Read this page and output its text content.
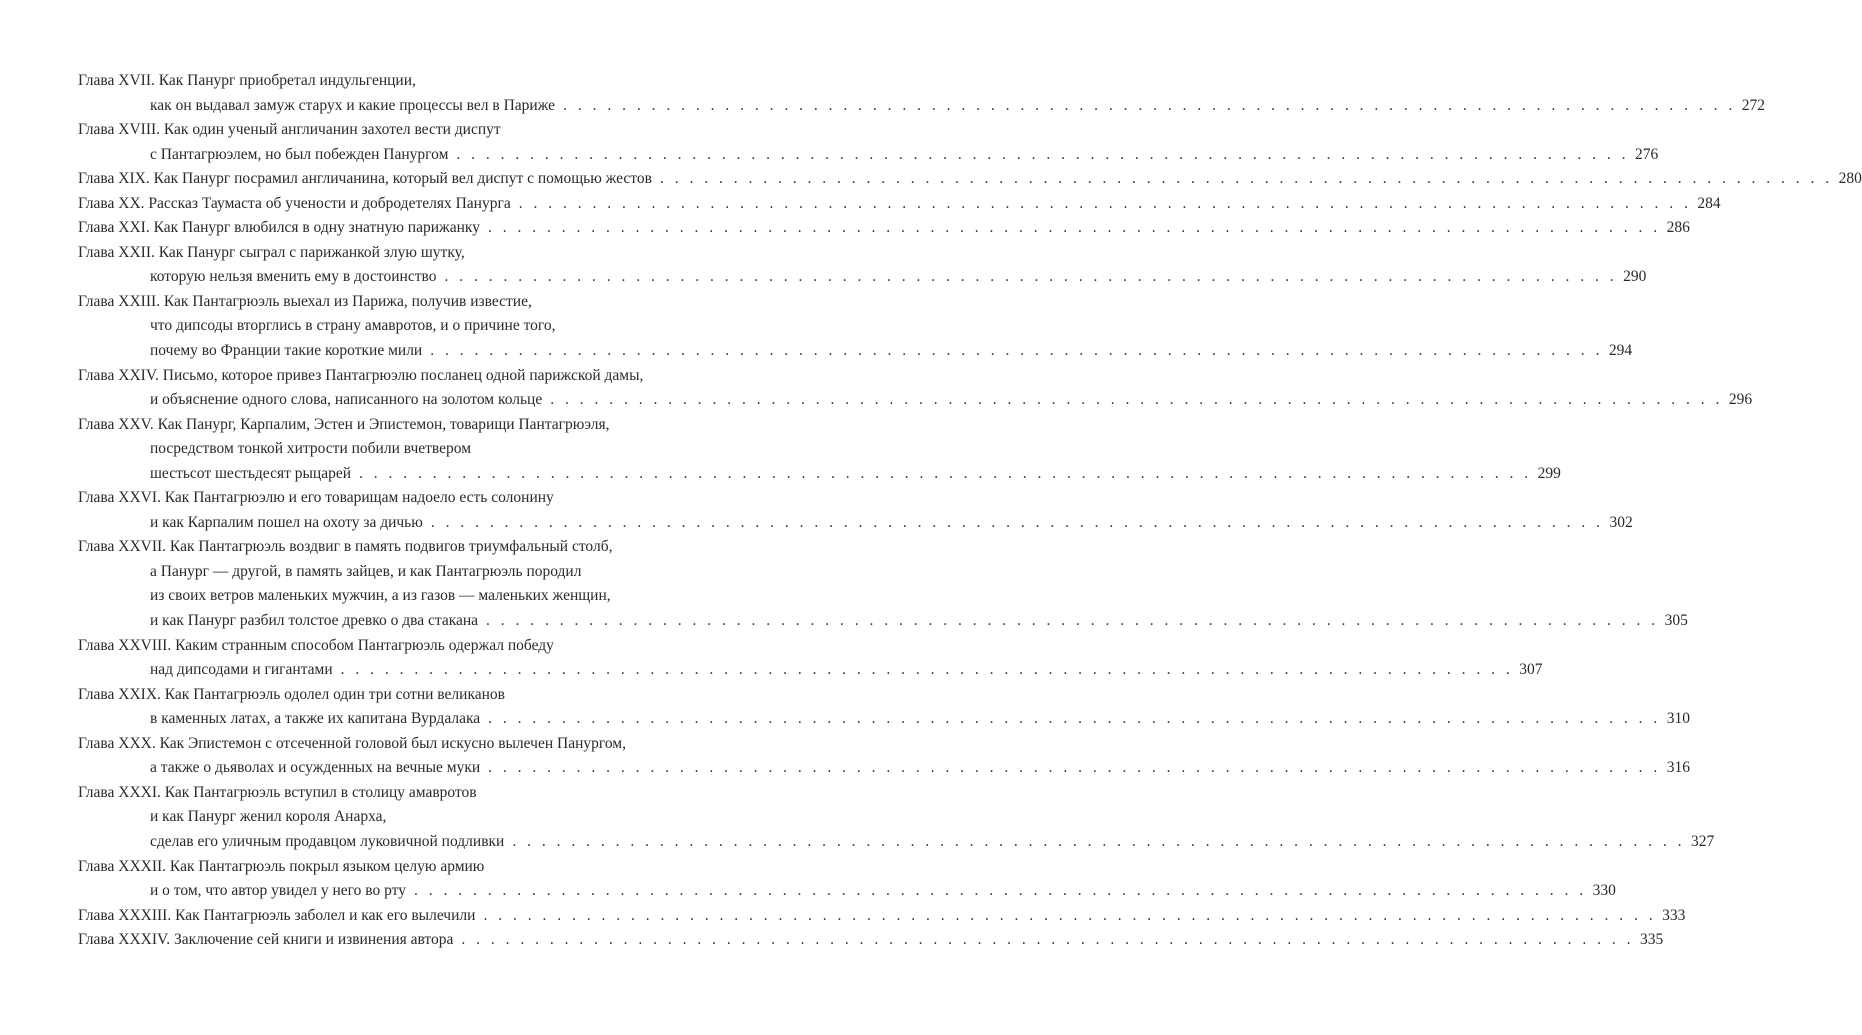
Глава XVII. Как Панург приобретал индульгенции,
как он выдавал замуж старух и какие процессы вел в Париже . . . . . . . . . . . . . . . . . . . . . . . . . . . . . . . . . . . . . . . . . . . . . . . . . . . . . . . . . . . . . . . . . . . . . . . . . . . . . . . . 272
Глава XVIII. Как один ученый англичанин захотел вести диспут
с Пантагрюэлем, но был побежден Панургом . . . . . . . . . . . . . . . . . . . . . . . . . . . . . . . . . . . . . . . . . . . . . . . . . . . . . . . . . . . . . . . . . . . . . . . . . . . . . . . . 276
Глава XIX. Как Панург посрамил англичанина, который вел диспут с помощью жестов . . . . . . . . . . . . . . . . . . . . . . . . . . . . . . . . . . . . . . . . . . . . . . . . . . . . . . . . . . . . . . . . . . . . . . . . . . . . . . . . 280
Глава XX. Рассказ Таумаста об учености и добродетелях Панурга . . . . . . . . . . . . . . . . . . . . . . . . . . . . . . . . . . . . . . . . . . . . . . . . . . . . . . . . . . . . . . . . . . . . . . . . . . . . . . . . 284
Глава XXI. Как Панург влюбился в одну знатную парижанку . . . . . . . . . . . . . . . . . . . . . . . . . . . . . . . . . . . . . . . . . . . . . . . . . . . . . . . . . . . . . . . . . . . . . . . . . . . . . . . . 286
Глава XXII. Как Панург сыграл с парижанкой злую шутку,
которую нельзя вменить ему в достоинство . . . . . . . . . . . . . . . . . . . . . . . . . . . . . . . . . . . . . . . . . . . . . . . . . . . . . . . . . . . . . . . . . . . . . . . . . . . . . . . . 290
Глава XXIII. Как Пантагрюэль выехал из Парижа, получив известие,
что дипсоды вторглись в страну амавротов, и о причине того,
почему во Франции такие короткие мили . . . . . . . . . . . . . . . . . . . . . . . . . . . . . . . . . . . . . . . . . . . . . . . . . . . . . . . . . . . . . . . . . . . . . . . . . . . . . . . . 294
Глава XXIV. Письмо, которое привез Пантагрюэлю посланец одной парижской дамы,
и объяснение одного слова, написанного на золотом кольце . . . . . . . . . . . . . . . . . . . . . . . . . . . . . . . . . . . . . . . . . . . . . . . . . . . . . . . . . . . . . . . . . . . . . . . . . . . . . . . . 296
Глава XXV. Как Панург, Карпалим, Эстен и Эпистемон, товарищи Пантагрюэля,
посредством тонкой хитрости побили вчетвером
шестьсот шестьдесят рыцарей . . . . . . . . . . . . . . . . . . . . . . . . . . . . . . . . . . . . . . . . . . . . . . . . . . . . . . . . . . . . . . . . . . . . . . . . . . . . . . . . 299
Глава XXVI. Как Пантагрюэлю и его товарищам надоело есть солонину
и как Карпалим пошел на охоту за дичью . . . . . . . . . . . . . . . . . . . . . . . . . . . . . . . . . . . . . . . . . . . . . . . . . . . . . . . . . . . . . . . . . . . . . . . . . . . . . . . . 302
Глава XXVII. Как Пантагрюэль воздвиг в память подвигов триумфальный столб,
а Панург — другой, в память зайцев, и как Пантагрюэль породил
из своих ветров маленьких мужчин, а из газов — маленьких женщин,
и как Панург разбил толстое древко о два стакана . . . . . . . . . . . . . . . . . . . . . . . . . . . . . . . . . . . . . . . . . . . . . . . . . . . . . . . . . . . . . . . . . . . . . . . . . . . . . . . . 305
Глава XXVIII. Каким странным способом Пантагрюэль одержал победу
над дипсодами и гигантами . . . . . . . . . . . . . . . . . . . . . . . . . . . . . . . . . . . . . . . . . . . . . . . . . . . . . . . . . . . . . . . . . . . . . . . . . . . . . . . . 307
Глава XXIX. Как Пантагрюэль одолел один три сотни великанов
в каменных латах, а также их капитана Вурдалака . . . . . . . . . . . . . . . . . . . . . . . . . . . . . . . . . . . . . . . . . . . . . . . . . . . . . . . . . . . . . . . . . . . . . . . . . . . . . . . . 310
Глава XXX. Как Эпистемон с отсеченной головой был искусно вылечен Панургом,
а также о дьяволах и осужденных на вечные муки . . . . . . . . . . . . . . . . . . . . . . . . . . . . . . . . . . . . . . . . . . . . . . . . . . . . . . . . . . . . . . . . . . . . . . . . . . . . . . . . 316
Глава XXXI. Как Пантагрюэль вступил в столицу амавротов
и как Панург женил короля Анарха,
сделав его уличным продавцом луковичной подливки . . . . . . . . . . . . . . . . . . . . . . . . . . . . . . . . . . . . . . . . . . . . . . . . . . . . . . . . . . . . . . . . . . . . . . . . . . . . . . . . 327
Глава XXXII. Как Пантагрюэль покрыл языком целую армию
и о том, что автор увидел у него во рту . . . . . . . . . . . . . . . . . . . . . . . . . . . . . . . . . . . . . . . . . . . . . . . . . . . . . . . . . . . . . . . . . . . . . . . . . . . . . . . . 330
Глава XXXIII. Как Пантагрюэль заболел и как его вылечили . . . . . . . . . . . . . . . . . . . . . . . . . . . . . . . . . . . . . . . . . . . . . . . . . . . . . . . . . . . . . . . . . . . . . . . . . . . . . . . . 333
Глава XXXIV. Заключение сей книги и извинения автора . . . . . . . . . . . . . . . . . . . . . . . . . . . . . . . . . . . . . . . . . . . . . . . . . . . . . . . . . . . . . . . . . . . . . . . . . . . . . . . . 335
